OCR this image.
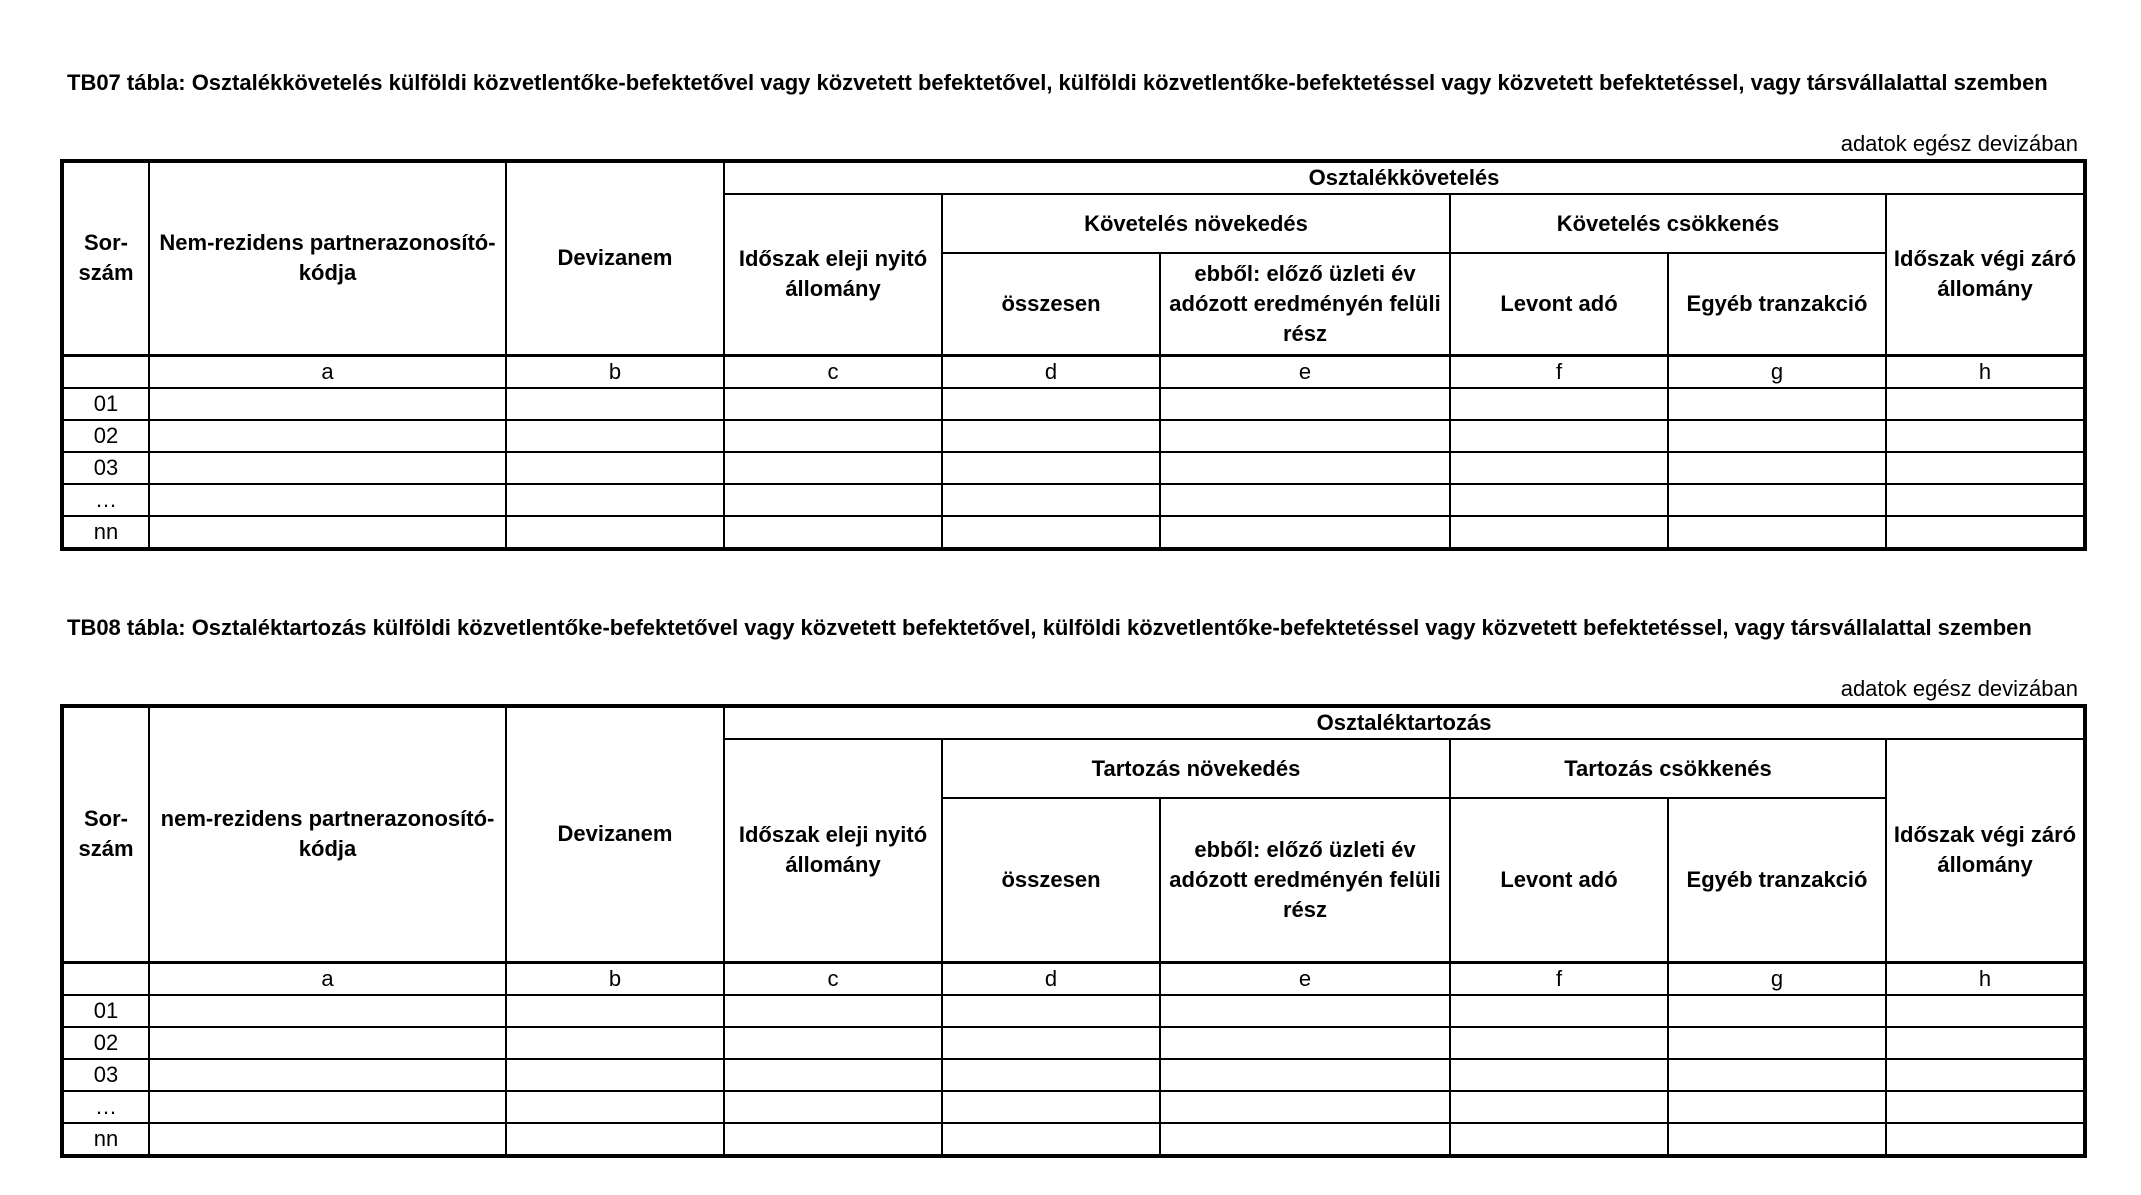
TB07 tábla: Osztalékkövetelés külföldi közvetlentőke-befektetővel vagy közvetett befektetővel, külföldi közvetlentőke-befektetéssel vagy közvetett befektetéssel, vagy társvállalattal szemben
adatok egész devizában
Sor-szám	Nem-rezidens partnerazonosító-kódja	Devizanem	Osztalékkövetelés					
			Időszak eleji nyitó állomány	Követelés növekedés		Követelés csökkenés		Időszak végi záró állomány
				összesen	ebből: előző üzleti év adózott eredményén felüli rész	Levont adó	Egyéb tranzakció	
	a	b	c	d	e	f	g	h
01								
02								
03								
…								
nn								
TB08 tábla: Osztaléktartozás külföldi közvetlentőke-befektetővel vagy közvetett befektetővel, külföldi közvetlentőke-befektetéssel vagy közvetett befektetéssel, vagy társvállalattal szemben
adatok egész devizában
Sor-szám	nem-rezidens partnerazonosító-kódja	Devizanem	Osztaléktartozás					
			Időszak eleji nyitó állomány	Tartozás növekedés		Tartozás csökkenés		Időszak végi záró állomány
				összesen	ebből: előző üzleti év adózott eredményén felüli rész	Levont adó	Egyéb tranzakció	
	a	b	c	d	e	f	g	h
01								
02								
03								
…								
nn								
